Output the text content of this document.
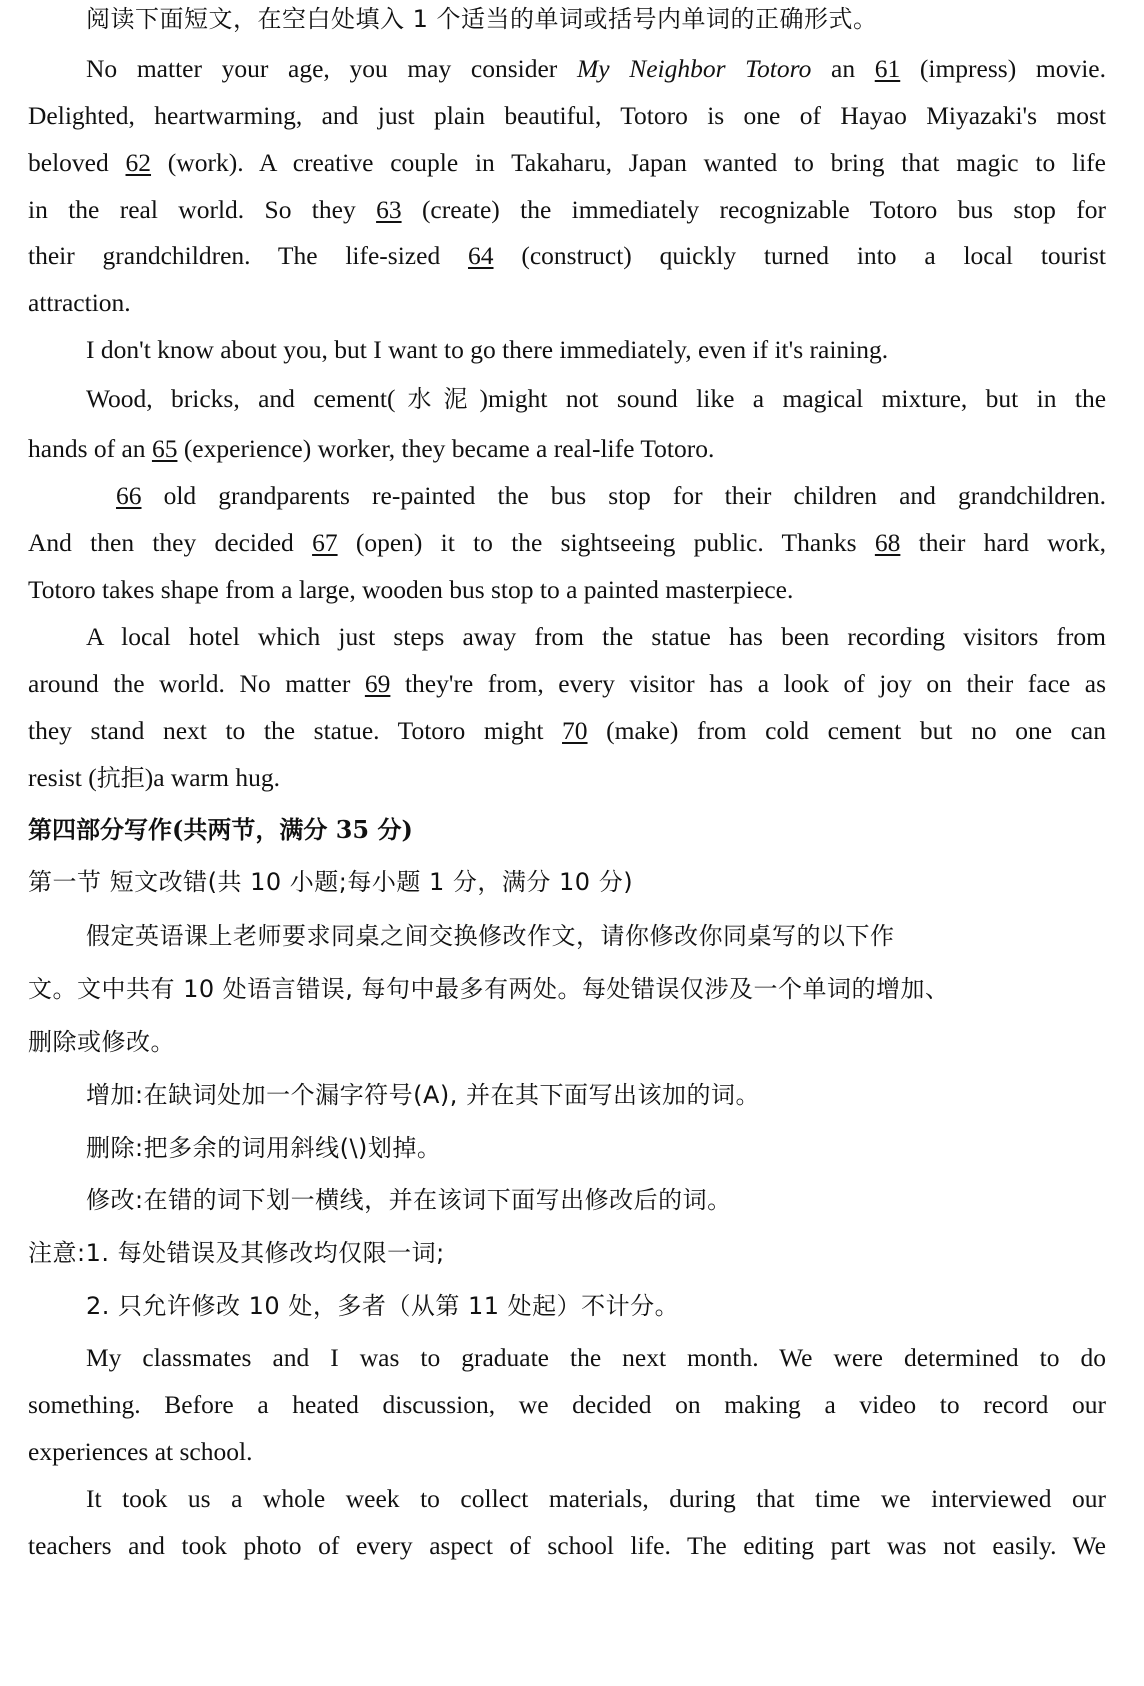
阅读下面短文，在空白处填入 1 个适当的单词或括号内单词的正确形式。
No matter your age, you may consider My Neighbor Totoro an 61 (impress) movie.
Delighted, heartwarming, and just plain beautiful, Totoro is one of Hayao Miyazaki's most
beloved 62 (work). A creative couple in Takaharu, Japan wanted to bring that magic to life
in the real world. So they 63 (create) the immediately recognizable Totoro bus stop for
their grandchildren. The life-sized 64 (construct) quickly turned into a local tourist
attraction.
I don't know about you, but I want to go there immediately, even if it's raining.
Wood, bricks, and cement(水泥)might not sound like a magical mixture, but in the
hands of an 65 (experience) worker, they became a real-life Totoro.
66 old grandparents re-painted the bus stop for their children and grandchildren.
And then they decided 67 (open) it to the sightseeing public. Thanks 68 their hard work,
Totoro takes shape from a large, wooden bus stop to a painted masterpiece.
A local hotel which just steps away from the statue has been recording visitors from
around the world. No matter 69 they're from, every visitor has a look of joy on their face as
they stand next to the statue. Totoro might 70 (make) from cold cement but no one can
resist (抗拒)a warm hug.
第四部分写作(共两节，满分 35 分)
第一节 短文改错(共 10 小题;每小题 1 分，满分 10 分)
假定英语课上老师要求同桌之间交换修改作文，请你修改你同桌写的以下作
文。文中共有 10 处语言错误, 每句中最多有两处。每处错误仅涉及一个单词的增加、
删除或修改。
增加:在缺词处加一个漏字符号(A), 并在其下面写出该加的词。
删除:把多余的词用斜线(\)划掉。
修改:在错的词下划一横线，并在该词下面写出修改后的词。
注意:1. 每处错误及其修改均仅限一词;
2. 只允许修改 10 处，多者（从第 11 处起）不计分。
My classmates and I was to graduate the next month. We were determined to do
something. Before a heated discussion, we decided on making a video to record our
experiences at school.
It took us a whole week to collect materials, during that time we interviewed our
teachers and took photo of every aspect of school life. The editing part was not easily. We
